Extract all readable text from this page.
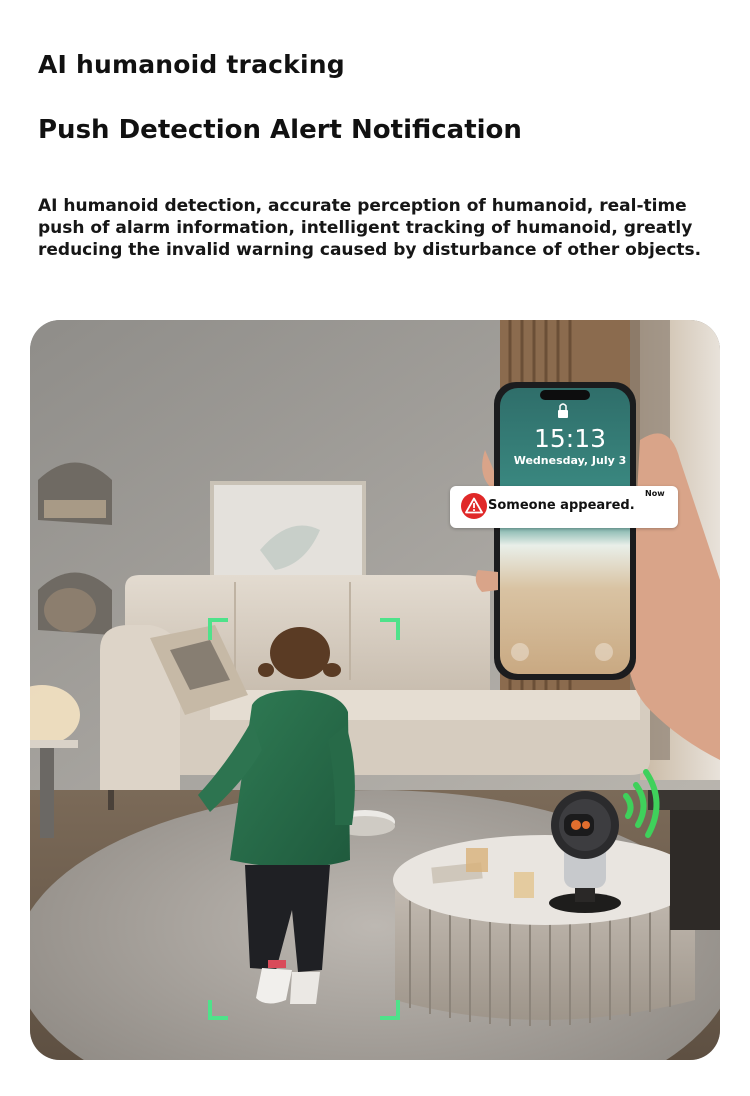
AI humanoid tracking
Push Detection Alert Notification
AI humanoid detection, accurate perception of humanoid, real-time push of alarm information, intelligent tracking of humanoid, greatly reducing the invalid warning caused by disturbance of other objects.
15:13
Wednesday, July 3
Someone appeared.
Now
